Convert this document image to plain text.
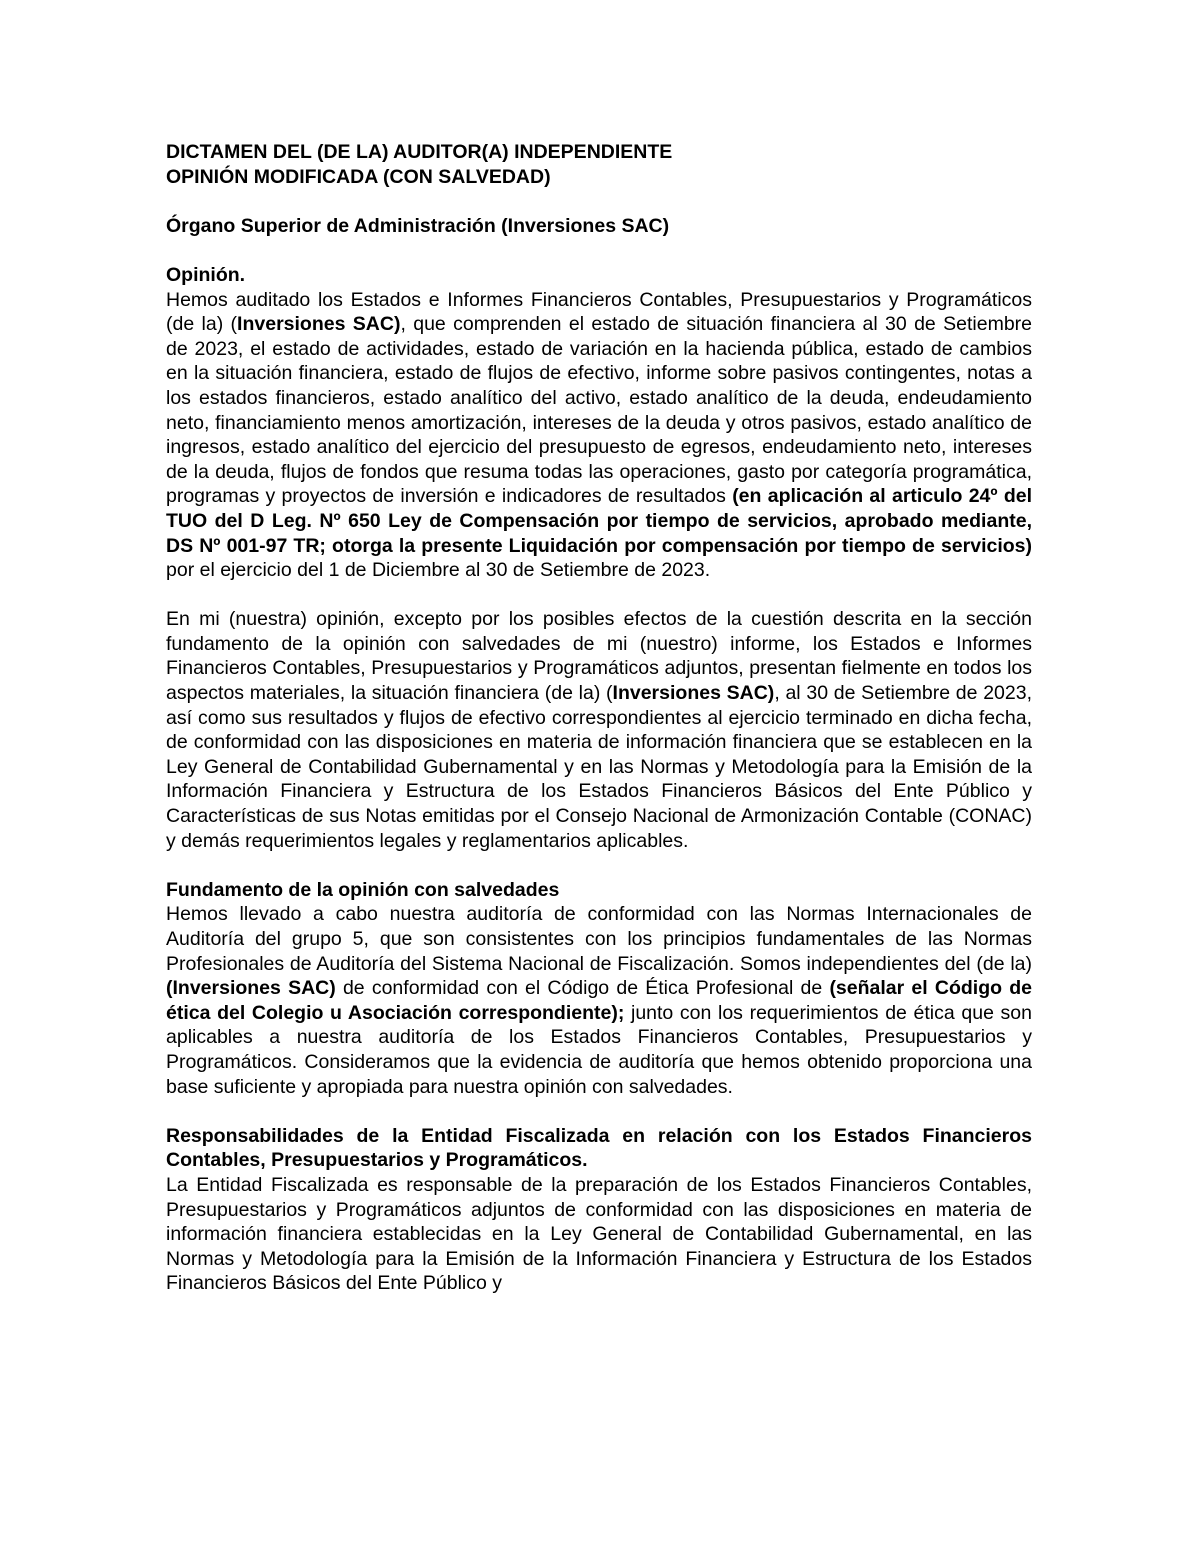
DICTAMEN DEL (DE LA) AUDITOR(A) INDEPENDIENTE
OPINIÓN MODIFICADA (CON SALVEDAD)
Órgano Superior de Administración (Inversiones SAC)
Opinión.

Hemos auditado los Estados e Informes Financieros Contables, Presupuestarios y Programáticos (de la) (Inversiones SAC), que comprenden el estado de situación financiera al 30 de Setiembre de 2023, el estado de actividades, estado de variación en la hacienda pública, estado de cambios en la situación financiera, estado de flujos de efectivo, informe sobre pasivos contingentes, notas a los estados financieros, estado analítico del activo, estado analítico de la deuda, endeudamiento neto, financiamiento menos amortización, intereses de la deuda y otros pasivos, estado analítico de ingresos, estado analítico del ejercicio del presupuesto de egresos, endeudamiento neto, intereses de la deuda, flujos de fondos que resuma todas las operaciones, gasto por categoría programática, programas y proyectos de inversión e indicadores de resultados (en aplicación al articulo 24º del TUO del D Leg. Nº 650 Ley de Compensación por tiempo de servicios, aprobado mediante, DS Nº 001-97 TR; otorga la presente Liquidación por compensación por tiempo de servicios) por el ejercicio del 1 de Diciembre al 30 de Setiembre de 2023.

En mi (nuestra) opinión, excepto por los posibles efectos de la cuestión descrita en la sección fundamento de la opinión con salvedades de mi (nuestro) informe, los Estados e Informes Financieros Contables, Presupuestarios y Programáticos adjuntos, presentan fielmente en todos los aspectos materiales, la situación financiera (de la) (Inversiones SAC), al 30 de Setiembre de 2023, así como sus resultados y flujos de efectivo correspondientes al ejercicio terminado en dicha fecha, de conformidad con las disposiciones en materia de información financiera que se establecen en la Ley General de Contabilidad Gubernamental y en las Normas y Metodología para la Emisión de la Información Financiera y Estructura de los Estados Financieros Básicos del Ente Público y Características de sus Notas emitidas por el Consejo Nacional de Armonización Contable (CONAC) y demás requerimientos legales y reglamentarios aplicables.

Fundamento de la opinión con salvedades

Hemos llevado a cabo nuestra auditoría de conformidad con las Normas Internacionales de Auditoría del grupo 5, que son consistentes con los principios fundamentales de las Normas Profesionales de Auditoría del Sistema Nacional de Fiscalización. Somos independientes del (de la) (Inversiones SAC) de conformidad con el Código de Ética Profesional de (señalar el Código de ética del Colegio u Asociación correspondiente); junto con los requerimientos de ética que son aplicables a nuestra auditoría de los Estados Financieros Contables, Presupuestarios y Programáticos. Consideramos que la evidencia de auditoría que hemos obtenido proporciona una base suficiente y apropiada para nuestra opinión con salvedades.

Responsabilidades de la Entidad Fiscalizada en relación con los Estados Financieros Contables, Presupuestarios y Programáticos.

La Entidad Fiscalizada es responsable de la preparación de los Estados Financieros Contables, Presupuestarios y Programáticos adjuntos de conformidad con las disposiciones en materia de información financiera establecidas en la Ley General de Contabilidad Gubernamental, en las Normas y Metodología para la Emisión de la Información Financiera y Estructura de los Estados Financieros Básicos del Ente Público y
